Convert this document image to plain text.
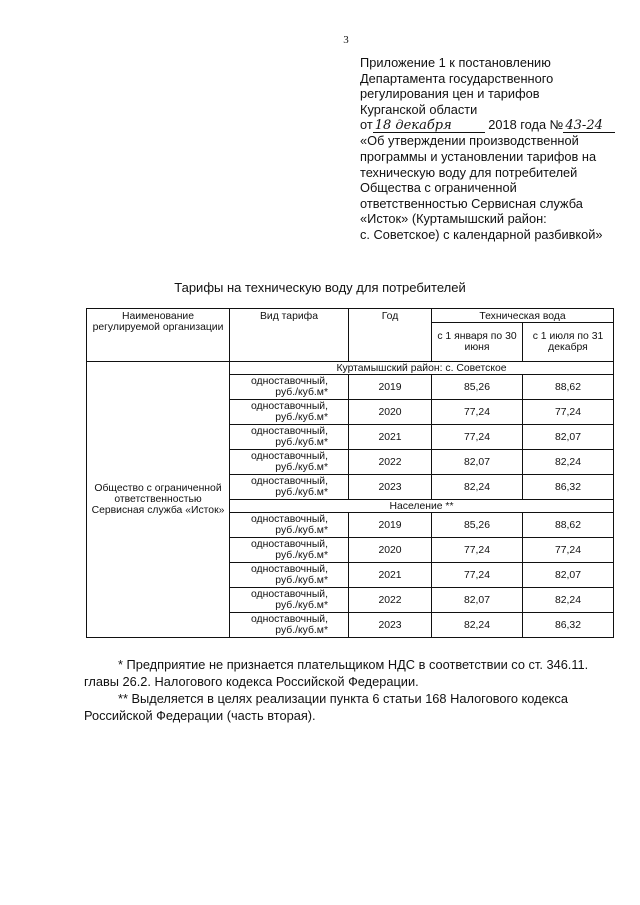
3
Приложение 1 к постановлению
Департамента государственного
регулирования цен и тарифов
Курганской области
от 18 декабря	2018 года № 43-24
«Об утверждении производственной
программы и установлении тарифов на
техническую воду для потребителей
Общества с ограниченной
ответственностью Сервисная служба
«Исток» (Куртамышский район:
с. Советское) с календарной разбивкой»
Тарифы на техническую воду для потребителей
Наименование регулируемой организации	Вид тарифа	Год	Техническая вода	
			с 1 января по 30 июня	с 1 июля по 31 декабря
Общество с ограниченной ответственностью Сервисная служба «Исток»	Куртамышский район: с. Советское			
	одноставочный, руб./куб.м*	2019	85,26	88,62
	одноставочный, руб./куб.м*	2020	77,24	77,24
	одноставочный, руб./куб.м*	2021	77,24	82,07
	одноставочный, руб./куб.м*	2022	82,07	82,24
	одноставочный, руб./куб.м*	2023	82,24	86,32
	Население **			
	одноставочный, руб./куб.м*	2019	85,26	88,62
	одноставочный, руб./куб.м*	2020	77,24	77,24
	одноставочный, руб./куб.м*	2021	77,24	82,07
	одноставочный, руб./куб.м*	2022	82,07	82,24
	одноставочный, руб./куб.м*	2023	82,24	86,32

* Предприятие не признается плательщиком НДС в соответствии со ст. 346.11.

главы 26.2. Налогового кодекса Российской Федерации.

** Выделяется в целях реализации пункта 6 статьи 168 Налогового кодекса

Российской Федерации (часть вторая).
